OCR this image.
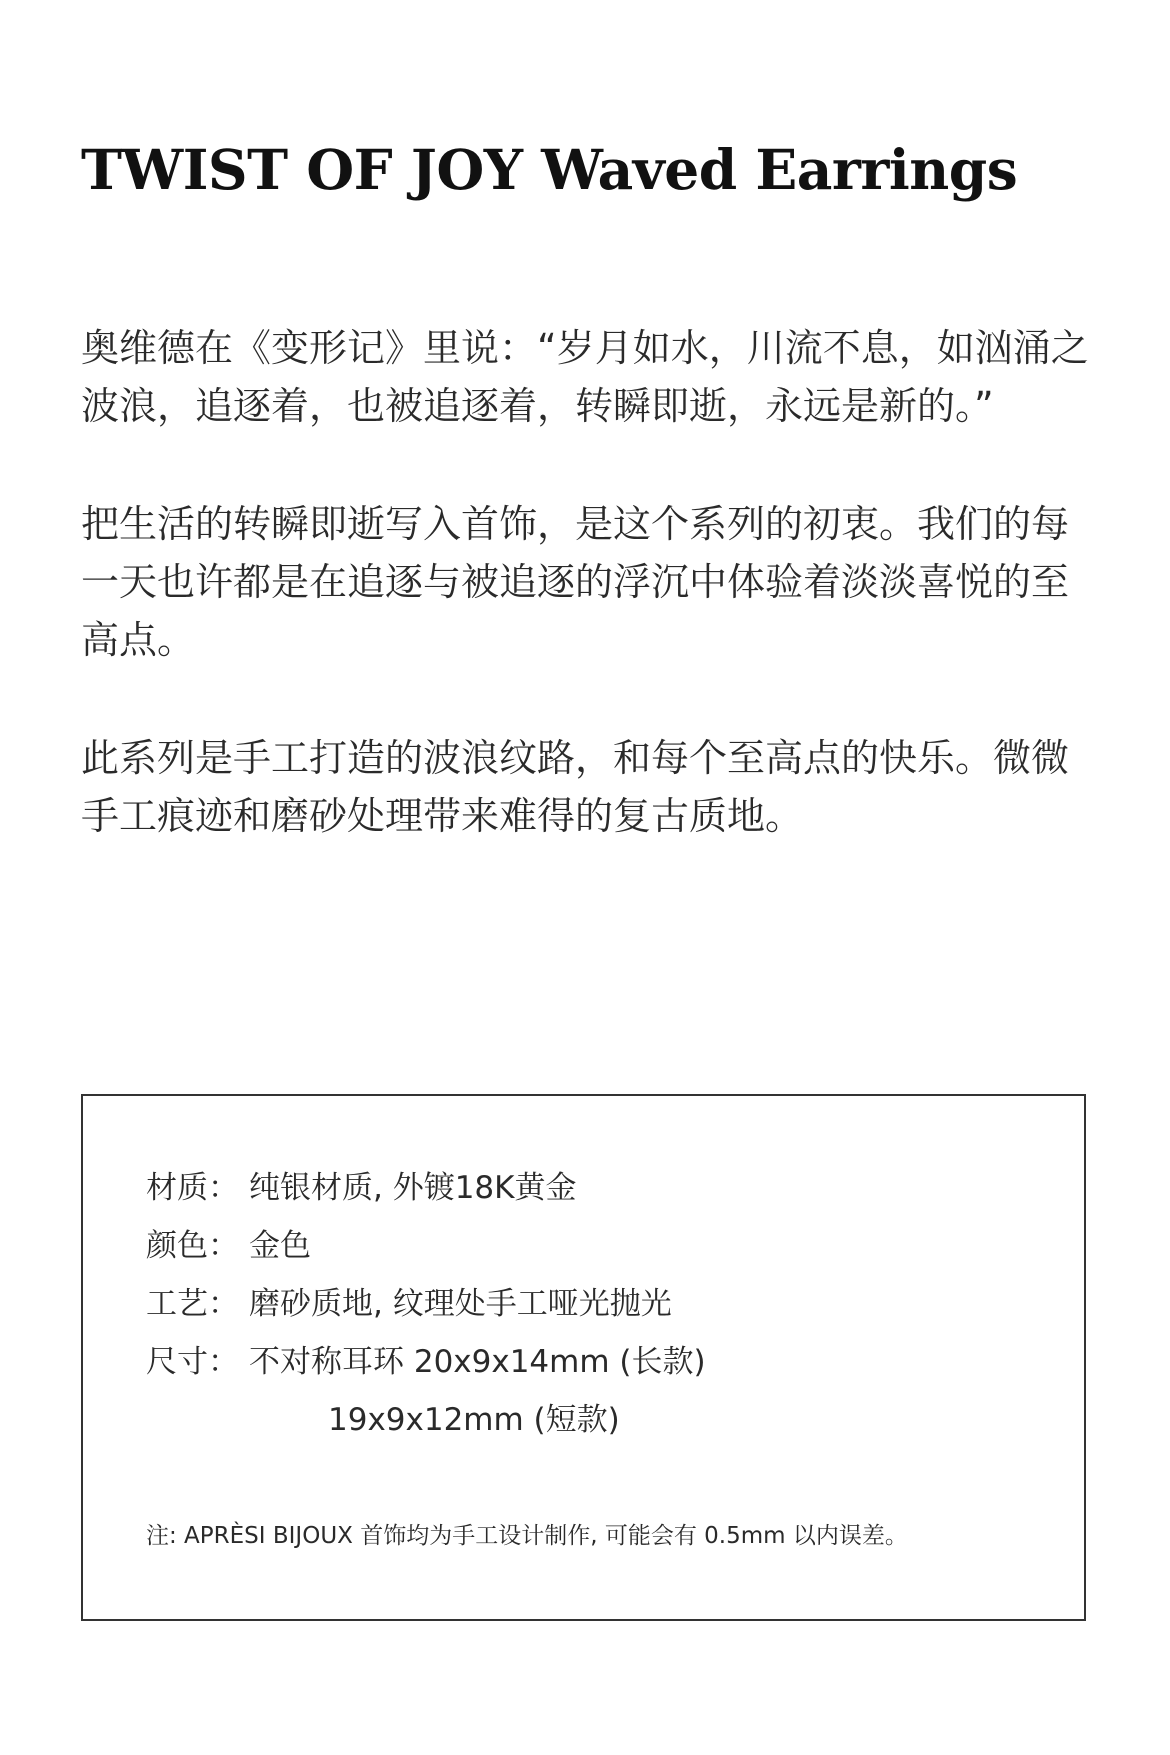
TWIST OF JOY Waved Earrings

奥维德在《变形记》里说：“岁月如水，川流不息，如汹涌之波浪，追逐着，也被追逐着，转瞬即逝，永远是新的。”

把生活的转瞬即逝写入首饰，是这个系列的初衷。我们的每一天也许都是在追逐与被追逐的浮沉中体验着淡淡喜悦的至高点。

此系列是手工打造的波浪纹路，和每个至高点的快乐。微微手工痕迹和磨砂处理带来难得的复古质地。

材质： 纯银材质, 外镀18K黄金
颜色： 金色
工艺： 磨砂质地, 纹理处手工哑光抛光
尺寸： 不对称耳环 20x9x14mm (长款)
19x9x12mm (短款)
注: APRÈSI BIJOUX 首饰均为手工设计制作, 可能会有 0.5mm 以内误差。
